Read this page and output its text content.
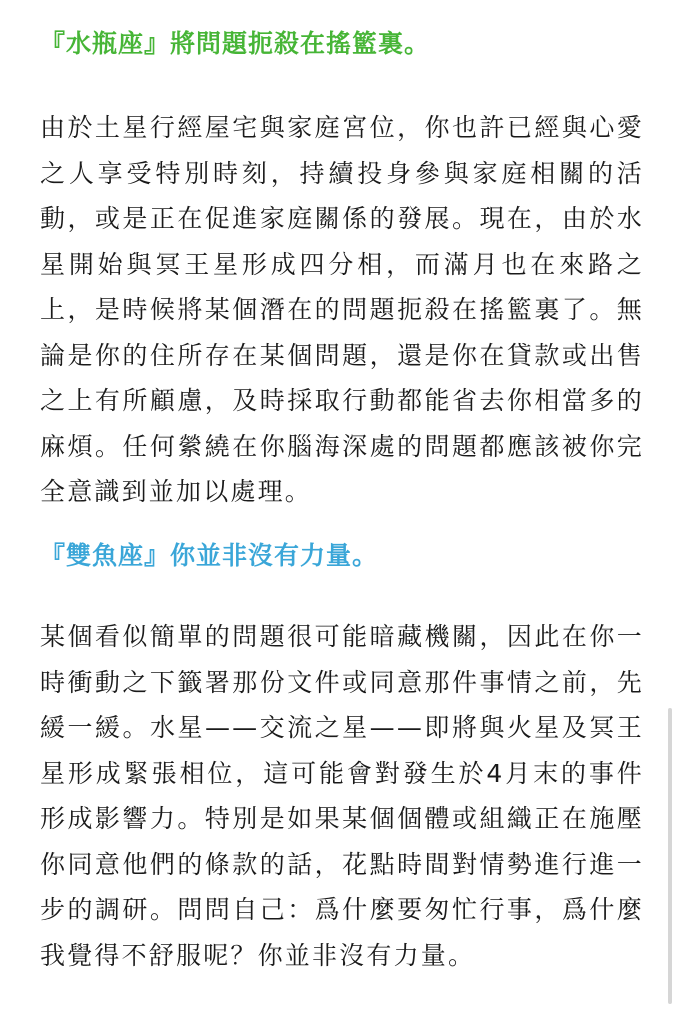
『水瓶座』將問題扼殺在搖籃裏。

由於土星行經屋宅與家庭宮位，你也許已經與心愛之人享受特別時刻，持續投身參與家庭相關的活動，或是正在促進家庭關係的發展。現在，由於水星開始與冥王星形成四分相，而滿月也在來路之上，是時候將某個潛在的問題扼殺在搖籃裏了。無論是你的住所存在某個問題，還是你在貸款或出售之上有所顧慮，及時採取行動都能省去你相當多的麻煩。任何縈繞在你腦海深處的問題都應該被你完全意識到並加以處理。

『雙魚座』你並非沒有力量。

某個看似簡單的問題很可能暗藏機關，因此在你一時衝動之下籤署那份文件或同意那件事情之前，先緩一緩。水星——交流之星——即將與火星及冥王星形成緊張相位，這可能會對發生於4月末的事件形成影響力。特別是如果某個個體或組織正在施壓你同意他們的條款的話，花點時間對情勢進行進一步的調研。問問自己：爲什麼要匆忙行事，爲什麼我覺得不舒服呢？你並非沒有力量。
